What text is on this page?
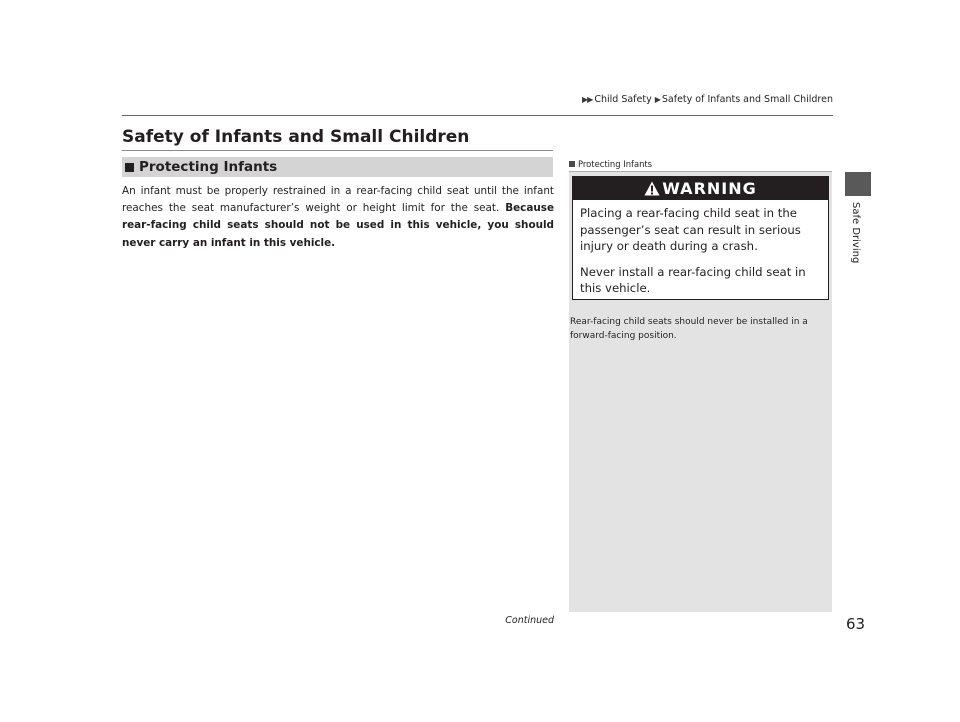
▶▶ Child Safety ▶ Safety of Infants and Small Children
Safety of Infants and Small Children
Protecting Infants

An infant must be properly restrained in a rear-facing child seat until the infant reaches the seat manufacturer’s weight or height limit for the seat. Because rear-facing child seats should not be used in this vehicle, you should never carry an infant in this vehicle.

Protecting Infants
WARNING

Placing a rear-facing child seat in the passenger’s seat can result in serious injury or death during a crash.

Never install a rear-facing child seat in this vehicle.

Rear-facing child seats should never be installed in a forward-facing position.

Safe Driving
Continued	63
